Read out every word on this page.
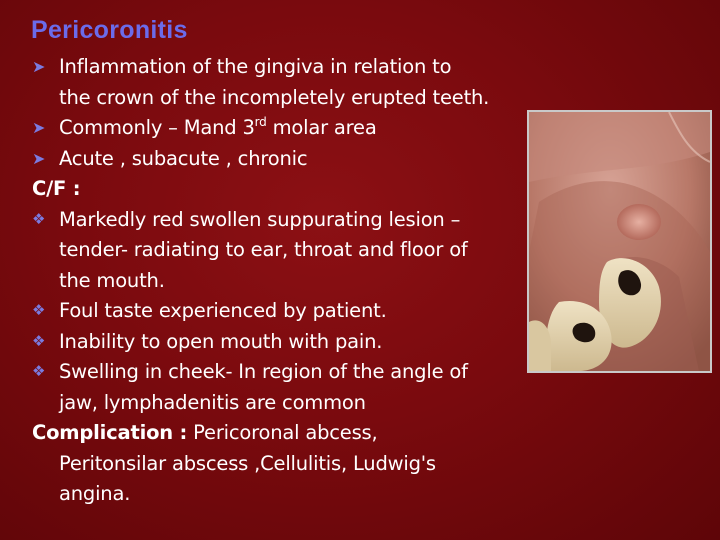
Pericoronitis
➤ Inflammation of the gingiva in relation to
the crown of the incompletely erupted teeth.
➤ Commonly – Mand 3rd molar area
➤ Acute , subacute , chronic
C/F :
❖ Markedly red swollen suppurating lesion –
tender- radiating to ear, throat and floor of
the mouth.
❖ Foul taste experienced by patient.
❖ Inability to open mouth with pain.
❖ Swelling in cheek- In region of the angle of
jaw, lymphadenitis are common
Complication : Pericoronal abcess,
Peritonsilar abscess ,Cellulitis, Ludwig's
angina.
